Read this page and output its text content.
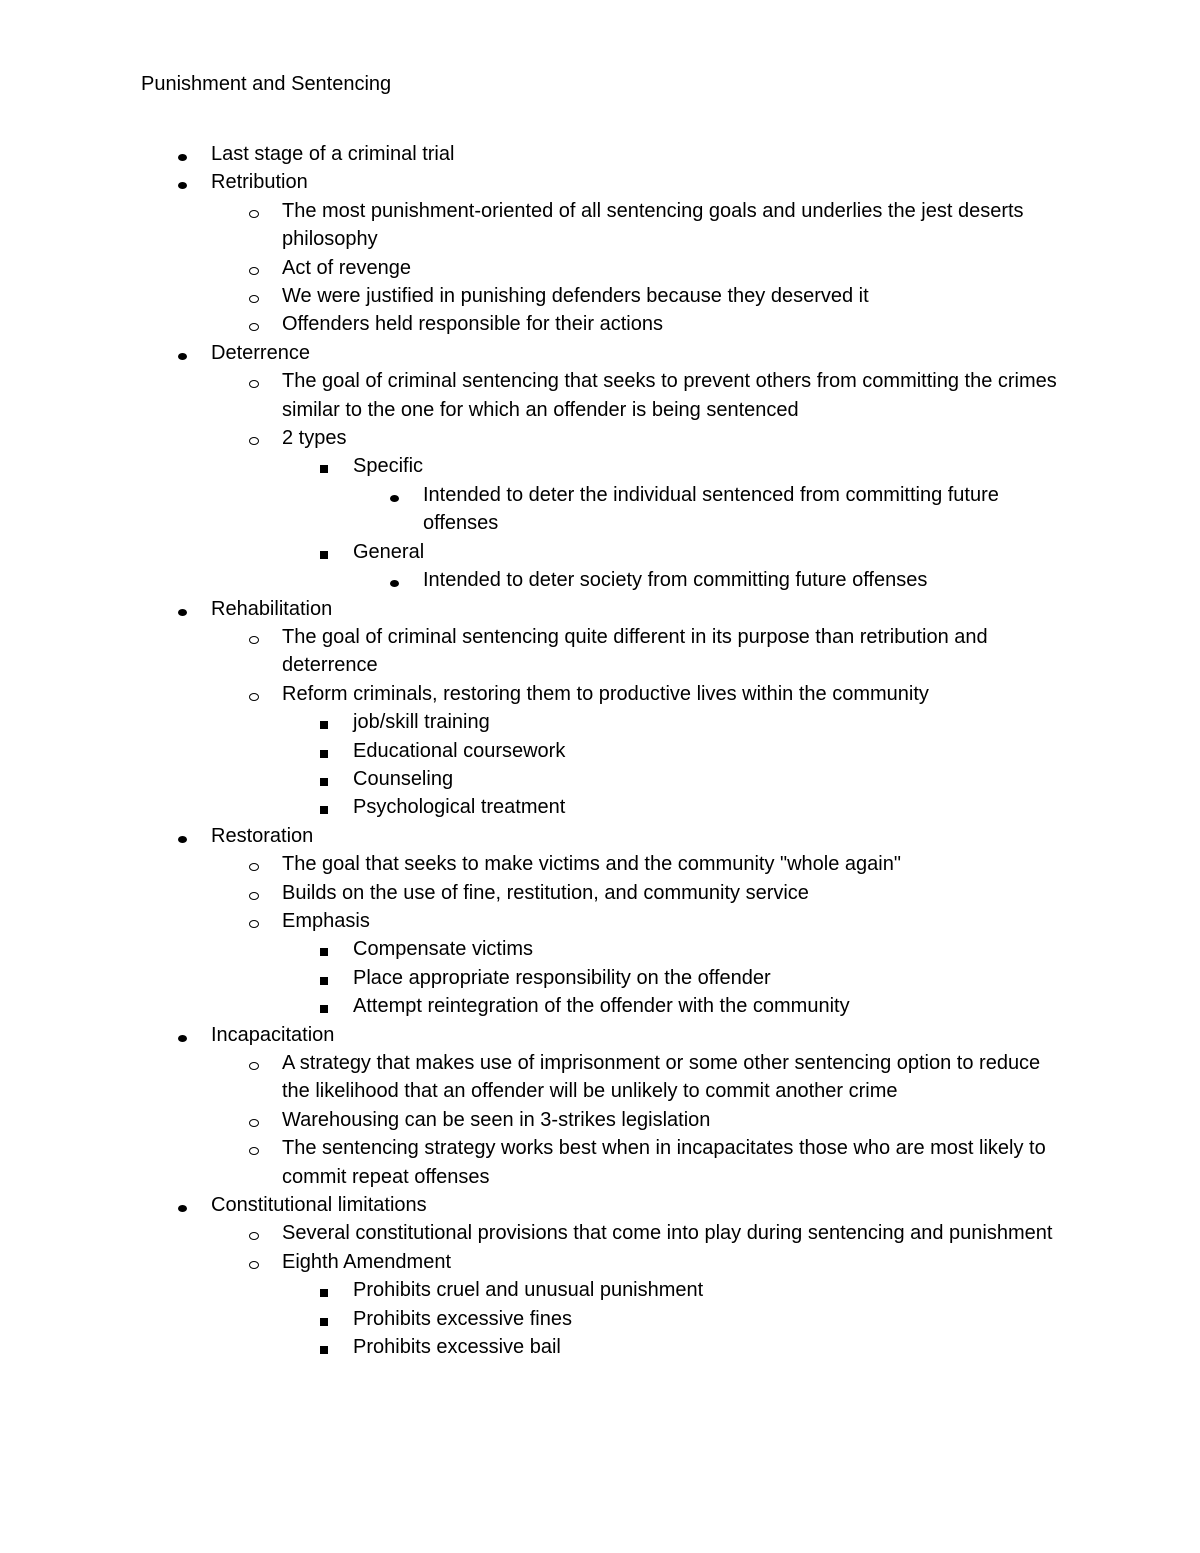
Punishment and Sentencing
Last stage of a criminal trial
Retribution
The most punishment-oriented of all sentencing goals and underlies the jest deserts philosophy
Act of revenge
We were justified in punishing defenders because they deserved it
Offenders held responsible for their actions
Deterrence
The goal of criminal sentencing that seeks to prevent others from committing the crimes similar to the one for which an offender is being sentenced
2 types
Specific
Intended to deter the individual sentenced from committing future offenses
General
Intended to deter society from committing future offenses
Rehabilitation
The goal of criminal sentencing quite different in its purpose than retribution and deterrence
Reform criminals, restoring them to productive lives within the community
job/skill training
Educational coursework
Counseling
Psychological treatment
Restoration
The goal that seeks to make victims and the community "whole again"
Builds on the use of fine, restitution, and community service
Emphasis
Compensate victims
Place appropriate responsibility on the offender
Attempt reintegration of the offender with the community
Incapacitation
A strategy that makes use of imprisonment or some other sentencing option to reduce the likelihood that an offender will be unlikely to commit another crime
Warehousing can be seen in 3-strikes legislation
The sentencing strategy works best when in incapacitates those who are most likely to commit repeat offenses
Constitutional limitations
Several constitutional provisions that come into play during sentencing and punishment
Eighth Amendment
Prohibits cruel and unusual punishment
Prohibits excessive fines
Prohibits excessive bail
